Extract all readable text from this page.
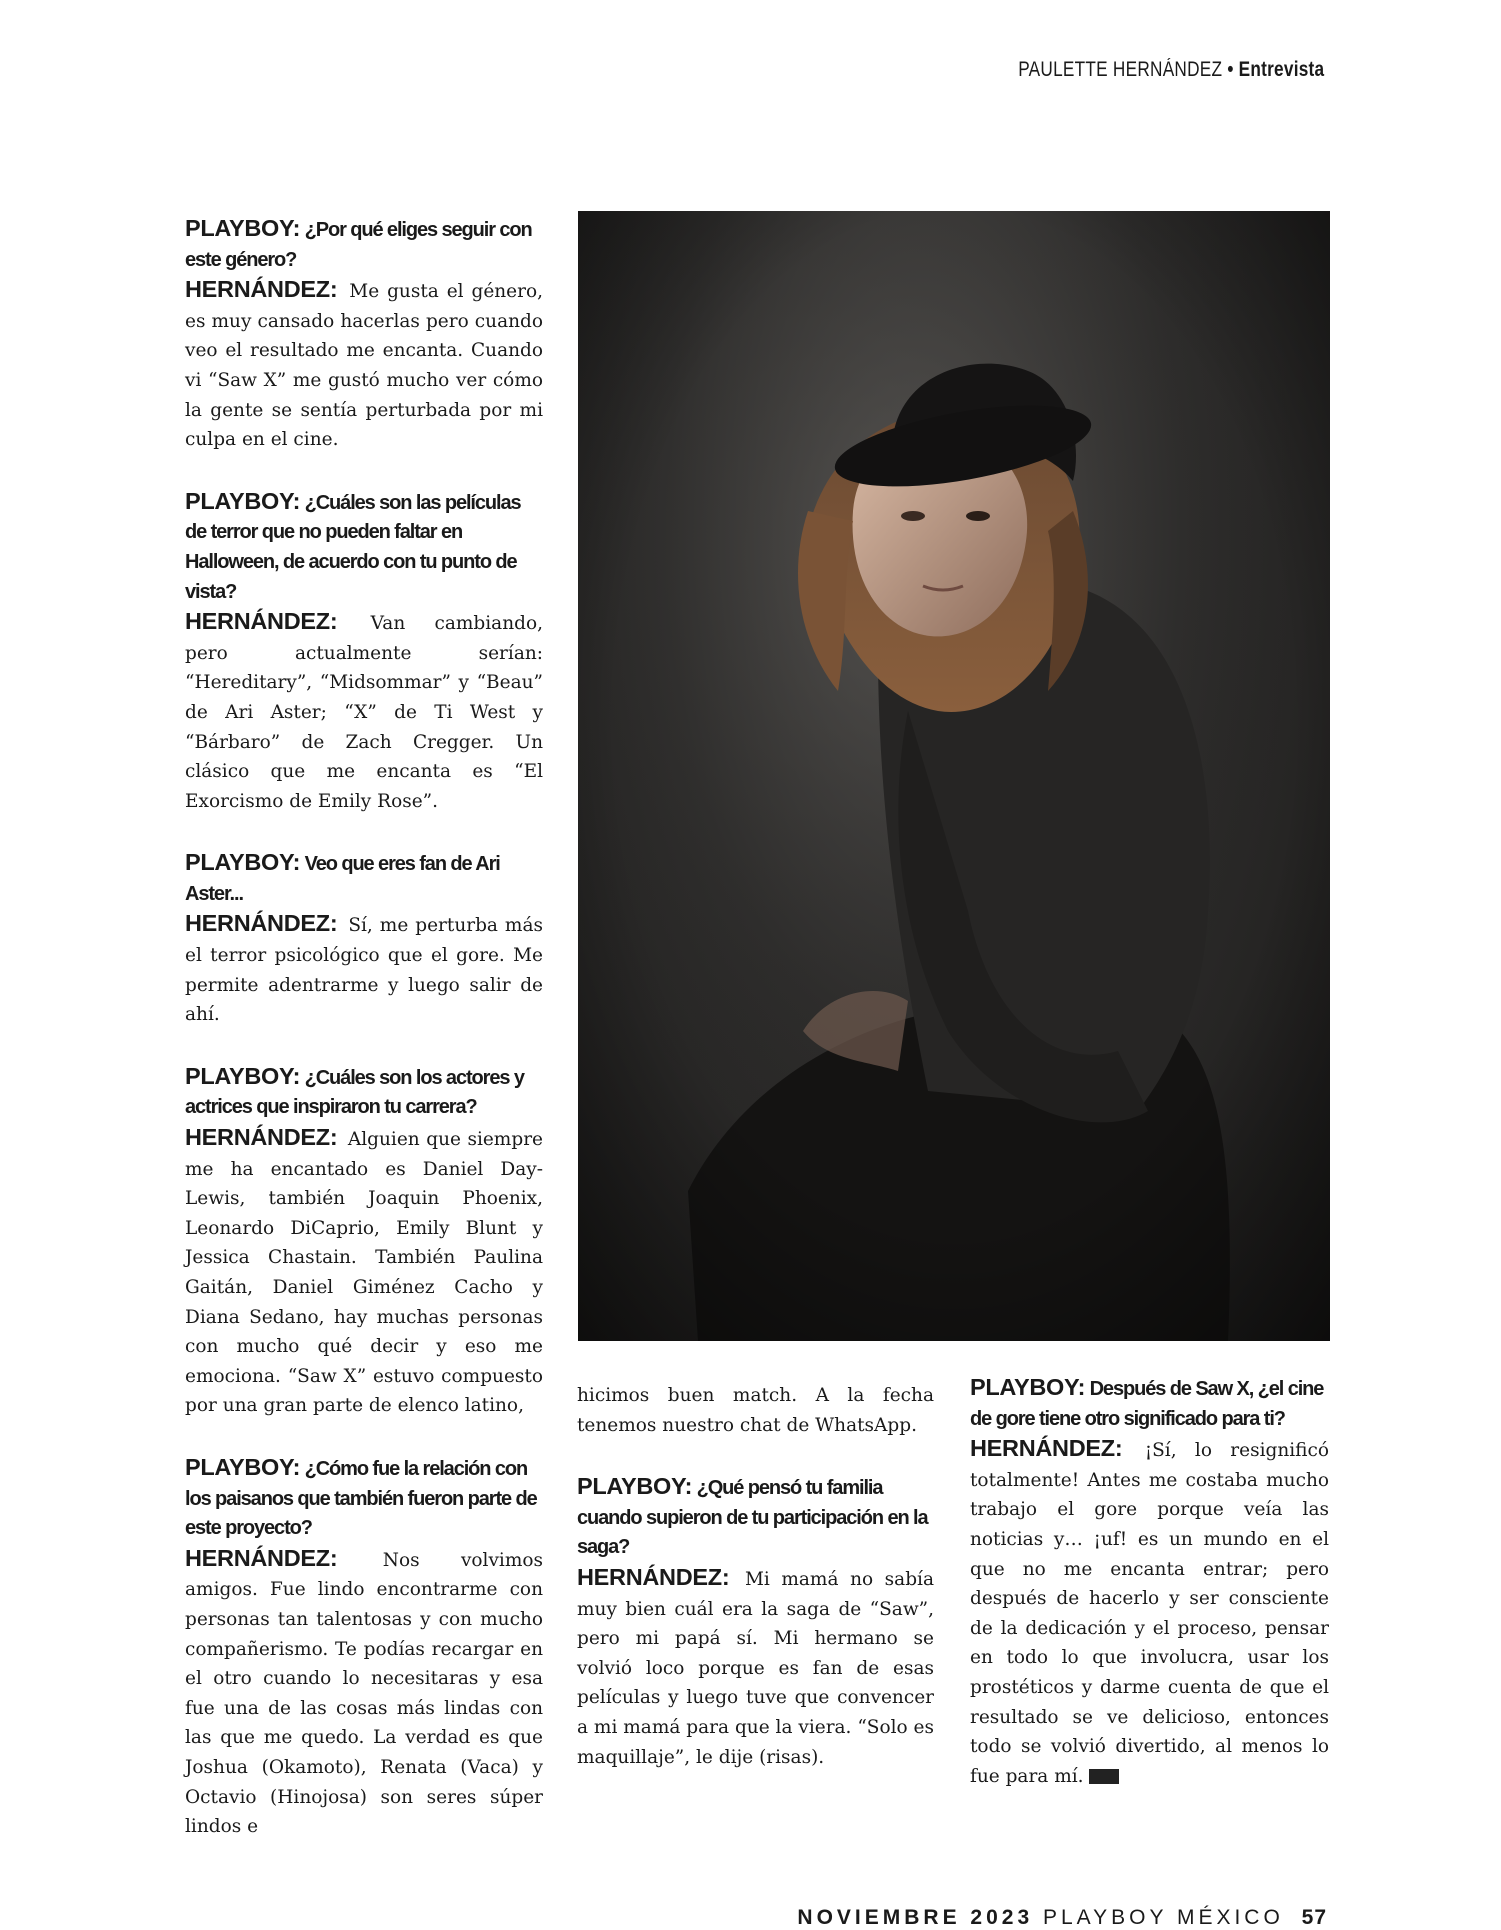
PAULETTE HERNÁNDEZ • Entrevista
PLAYBOY: ¿Por qué eliges seguir con este género?
HERNÁNDEZ: Me gusta el género, es muy cansado hacerlas pero cuando veo el resultado me encanta. Cuando vi “Saw X” me gustó mucho ver cómo la gente se sentía perturbada por mi culpa en el cine.
PLAYBOY: ¿Cuáles son las películas de terror que no pueden faltar en Halloween, de acuerdo con tu punto de vista?
HERNÁNDEZ: Van cambiando, pero actualmente serían: “Hereditary”, “Midsommar” y “Beau” de Ari Aster; “X” de Ti West y “Bárbaro” de Zach Cregger. Un clásico que me encanta es “El Exorcismo de Emily Rose”.
PLAYBOY: Veo que eres fan de Ari Aster...
HERNÁNDEZ: Sí, me perturba más el terror psicológico que el gore. Me permite adentrarme y luego salir de ahí.
PLAYBOY: ¿Cuáles son los actores y actrices que inspiraron tu carrera?
HERNÁNDEZ: Alguien que siempre me ha encantado es Daniel Day-Lewis, también Joaquin Phoenix, Leonardo DiCaprio, Emily Blunt y Jessica Chastain. También Paulina Gaitán, Daniel Giménez Cacho y Diana Sedano, hay muchas personas con mucho qué decir y eso me emociona. “Saw X” estuvo compuesto por una gran parte de elenco latino,
PLAYBOY: ¿Cómo fue la relación con los paisanos que también fueron parte de este proyecto?
HERNÁNDEZ: Nos volvimos amigos. Fue lindo encontrarme con personas tan talentosas y con mucho compañerismo. Te podías recargar en el otro cuando lo necesitaras y esa fue una de las cosas más lindas con las que me quedo. La verdad es que Joshua (Okamoto), Renata (Vaca) y Octavio (Hinojosa) son seres súper lindos e
hicimos buen match. A la fecha tenemos nuestro chat de WhatsApp.
PLAYBOY: ¿Qué pensó tu familia cuando supieron de tu participación en la saga?
HERNÁNDEZ: Mi mamá no sabía muy bien cuál era la saga de “Saw”, pero mi papá sí. Mi hermano se volvió loco porque es fan de esas películas y luego tuve que convencer a mi mamá para que la viera. “Solo es maquillaje”, le dije (risas).
PLAYBOY: Después de Saw X, ¿el cine de gore tiene otro significado para ti?
HERNÁNDEZ: ¡Sí, lo resignificó totalmente! Antes me costaba mucho trabajo el gore porque veía las noticias y… ¡uf! es un mundo en el que no me encanta entrar; pero después de hacerlo y ser consciente de la dedicación y el proceso, pensar en todo lo que involucra, usar los prostéticos y darme cuenta de que el resultado se ve delicioso, entonces todo se volvió divertido, al menos lo fue para mí.
NOVIEMBRE 2023 PLAYBOY MÉXICO 57
